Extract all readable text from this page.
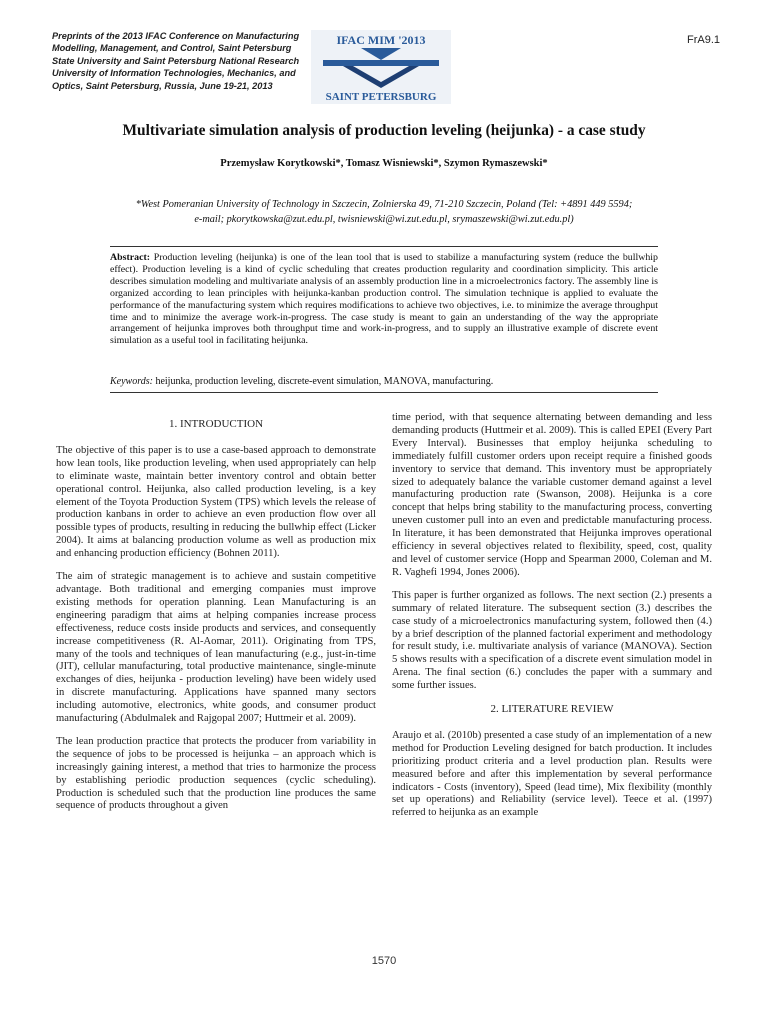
Preprints of the 2013 IFAC Conference on Manufacturing
Modelling, Management, and Control, Saint Petersburg
State University and Saint Petersburg National Research
University of Information Technologies, Mechanics, and
Optics, Saint Petersburg, Russia, June 19-21, 2013
IFAC MIM '2013
SAINT PETERSBURG
FrA9.1
Multivariate simulation analysis of production leveling (heijunka) - a case study
Przemysław Korytkowski*, Tomasz Wisniewski*, Szymon Rymaszewski*
*West Pomeranian University of Technology in Szczecin, Zolnierska 49, 71-210 Szczecin, Poland (Tel: +4891 449 5594;
e-mail; pkorytkowska@zut.edu.pl, twisniewski@wi.zut.edu.pl, srymaszewski@wi.zut.edu.pl)
Abstract: Production leveling (heijunka) is one of the lean tool that is used to stabilize a manufacturing system (reduce the bullwhip effect). Production leveling is a kind of cyclic scheduling that creates production regularity and coordination simplicity. This article describes simulation modeling and multivariate analysis of an assembly production line in a microelectronics factory. The assembly line is organized according to lean principles with heijunka-kanban production control. The simulation technique is applied to evaluate the performance of the manufacturing system which requires modifications to achieve two objectives, i.e. to minimize the average throughput time and to minimize the average work-in-progress. The case study is meant to gain an understanding of the way the appropriate arrangement of heijunka improves both throughput time and work-in-progress, and to supply an illustrative example of discrete event simulation as a useful tool in facilitating heijunka.
Keywords: heijunka, production leveling, discrete-event simulation, MANOVA, manufacturing.
1. INTRODUCTION

The objective of this paper is to use a case-based approach to demonstrate how lean tools, like production leveling, when used appropriately can help to eliminate waste, maintain better inventory control and obtain better operational control. Heijunka, also called production leveling, is a key element of the Toyota Production System (TPS) which levels the release of production kanbans in order to achieve an even production flow over all possible types of products, resulting in reducing the bullwhip effect (Licker 2004). It aims at balancing production volume as well as production mix and enhancing production efficiency (Bohnen 2011).

The aim of strategic management is to achieve and sustain competitive advantage. Both traditional and emerging companies must improve existing methods for operation planning. Lean Manufacturing is an engineering paradigm that aims at helping companies increase process effectiveness, reduce costs inside products and services, and consequently increase competitiveness (R. Al-Aomar, 2011). Originating from TPS, many of the tools and techniques of lean manufacturing (e.g., just-in-time (JIT), cellular manufacturing, total productive maintenance, single-minute exchanges of dies, heijunka - production leveling) have been widely used in discrete manufacturing. Applications have spanned many sectors including automotive, electronics, white goods, and consumer product manufacturing (Abdulmalek and Rajgopal 2007; Huttmeir et al. 2009).

The lean production practice that protects the producer from variability in the sequence of jobs to be processed is heijunka – an approach which is increasingly gaining interest, a method that tries to harmonize the process by establishing periodic production sequences (cyclic scheduling). Production is scheduled such that the production line produces the same sequence of products throughout a given

time period, with that sequence alternating between demanding and less demanding products (Huttmeir et al. 2009). This is called EPEI (Every Part Every Interval). Businesses that employ heijunka scheduling to immediately fulfill customer orders upon receipt require a finished goods inventory to service that demand. This inventory must be appropriately sized to adequately balance the variable customer demand against a level manufacturing production rate (Swanson, 2008). Heijunka is a core concept that helps bring stability to the manufacturing process, converting uneven customer pull into an even and predictable manufacturing process. In literature, it has been demonstrated that Heijunka improves operational efficiency in several objectives related to flexibility, speed, cost, quality and level of customer service (Hopp and Spearman 2000, Coleman and M. R. Vaghefi 1994, Jones 2006).

This paper is further organized as follows. The next section (2.) presents a summary of related literature. The subsequent section (3.) describes the case study of a microelectronics manufacturing system, followed then (4.) by a brief description of the planned factorial experiment and methodology for result study, i.e. multivariate analysis of variance (MANOVA). Section 5 shows results with a specification of a discrete event simulation model in Arena. The final section (6.) concludes the paper with a summary and some further issues.

2. LITERATURE REVIEW

Araujo et al. (2010b) presented a case study of an implementation of a new method for Production Leveling designed for batch production. It includes prioritizing product criteria and a level production plan. Results were measured before and after this implementation by several performance indicators - Costs (inventory), Speed (lead time), Mix flexibility (monthly set up operations) and Reliability (service level). Teece et al. (1997) referred to heijunka as an example

1570
